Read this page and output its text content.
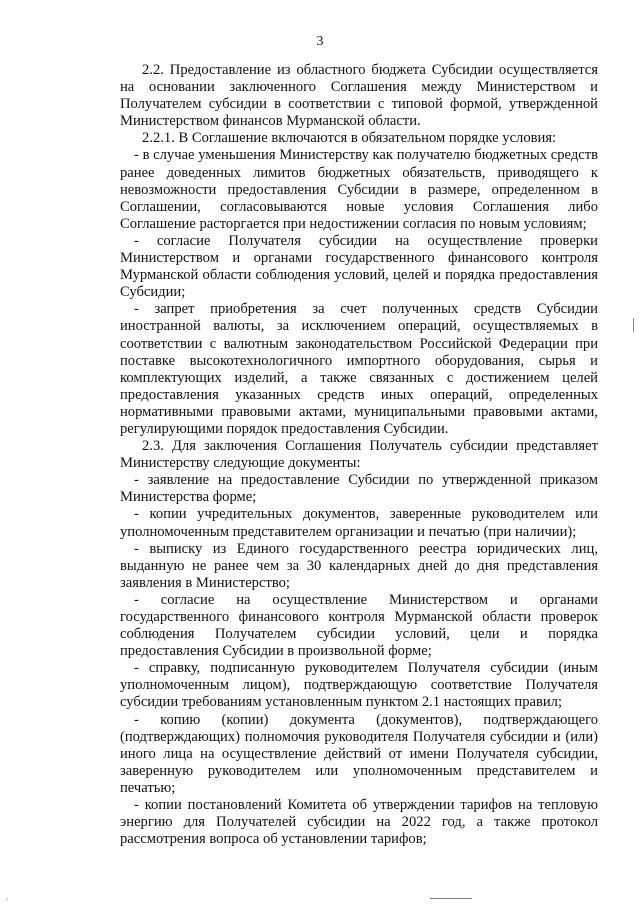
3

2.2. Предоставление из областного бюджета Субсидии осуществляется на основании заключенного Соглашения между Министерством и Получателем субсидии в соответствии с типовой формой, утвержденной Министерством финансов Мурманской области.

2.2.1. В Соглашение включаются в обязательном порядке условия:

- в случае уменьшения Министерству как получателю бюджетных средств ранее доведенных лимитов бюджетных обязательств, приводящего к невозможности предоставления Субсидии в размере, определенном в Соглашении, согласовываются новые условия Соглашения либо Соглашение расторгается при недостижении согласия по новым условиям;

- согласие Получателя субсидии на осуществление проверки Министерством и органами государственного финансового контроля Мурманской области соблюдения условий, целей и порядка предоставления Субсидии;

- запрет приобретения за счет полученных средств Субсидии иностранной валюты, за исключением операций, осуществляемых в соответствии с валютным законодательством Российской Федерации при поставке высокотехнологичного импортного оборудования, сырья и комплектующих изделий, а также связанных с достижением целей предоставления указанных средств иных операций, определенных нормативными правовыми актами, муниципальными правовыми актами, регулирующими порядок предоставления Субсидии.

2.3. Для заключения Соглашения Получатель субсидии представляет Министерству следующие документы:

- заявление на предоставление Субсидии по утвержденной приказом Министерства форме;

- копии учредительных документов, заверенные руководителем или уполномоченным представителем организации и печатью (при наличии);

- выписку из Единого государственного реестра юридических лиц, выданную не ранее чем за 30 календарных дней до дня представления заявления в Министерство;

- согласие на осуществление Министерством и органами государственного финансового контроля Мурманской области проверок соблюдения Получателем субсидии условий, цели и порядка предоставления Субсидии в произвольной форме;

- справку, подписанную руководителем Получателя субсидии (иным уполномоченным лицом), подтверждающую соответствие Получателя субсидии требованиям установленным пунктом 2.1 настоящих правил;

- копию (копии) документа (документов), подтверждающего (подтверждающих) полномочия руководителя Получателя субсидии и (или) иного лица на осуществление действий от имени Получателя субсидии, заверенную руководителем или уполномоченным представителем и печатью;

- копии постановлений Комитета об утверждении тарифов на тепловую энергию для Получателей субсидии на 2022 год, а также протокол рассмотрения вопроса об установлении тарифов;

'
